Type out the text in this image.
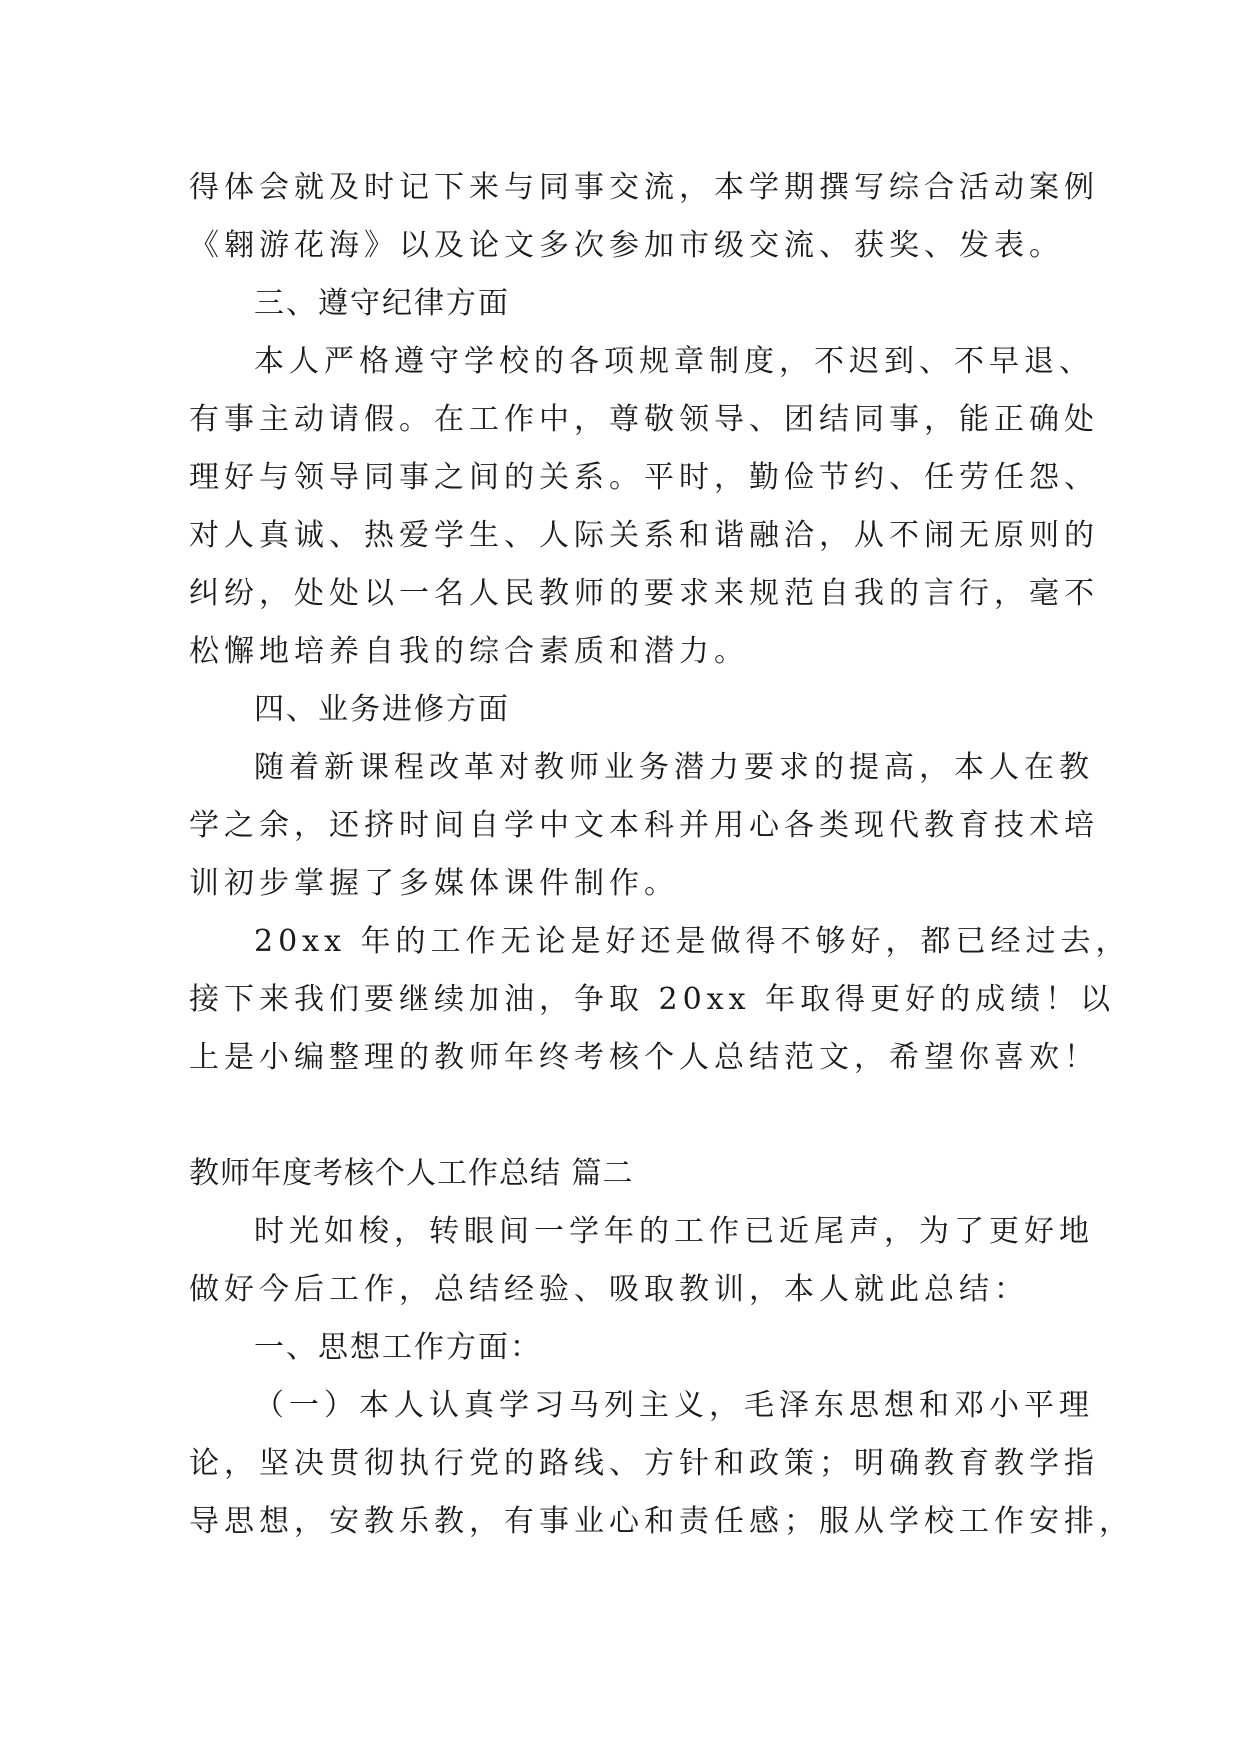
得体会就及时记下来与同事交流，本学期撰写综合活动案例
《翱游花海》以及论文多次参加市级交流、获奖、发表。
三、遵守纪律方面
本人严格遵守学校的各项规章制度，不迟到、不早退、
有事主动请假。在工作中，尊敬领导、团结同事，能正确处
理好与领导同事之间的关系。平时，勤俭节约、任劳任怨、
对人真诚、热爱学生、人际关系和谐融洽，从不闹无原则的
纠纷，处处以一名人民教师的要求来规范自我的言行，毫不
松懈地培养自我的综合素质和潜力。
四、业务进修方面
随着新课程改革对教师业务潜力要求的提高，本人在教
学之余，还挤时间自学中文本科并用心各类现代教育技术培
训初步掌握了多媒体课件制作。
20xx 年的工作无论是好还是做得不够好，都已经过去，
接下来我们要继续加油，争取 20xx 年取得更好的成绩！以
上是小编整理的教师年终考核个人总结范文，希望你喜欢！
教师年度考核个人工作总结 篇二
时光如梭，转眼间一学年的工作已近尾声，为了更好地
做好今后工作，总结经验、吸取教训，本人就此总结：
一、思想工作方面：
（一）本人认真学习马列主义，毛泽东思想和邓小平理
论，坚决贯彻执行党的路线、方针和政策；明确教育教学指
导思想，安教乐教，有事业心和责任感；服从学校工作安排，
